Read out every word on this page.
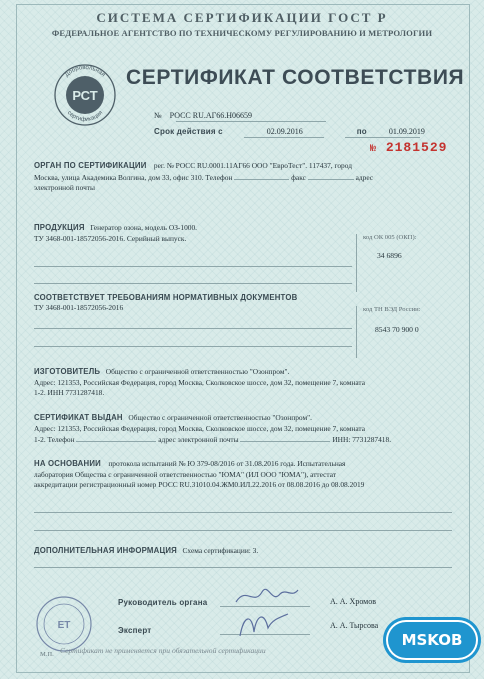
СИСТЕМА СЕРТИФИКАЦИИ ГОСТ Р
ФЕДЕРАЛЬНОЕ АГЕНТСТВО ПО ТЕХНИЧЕСКОМУ РЕГУЛИРОВАНИЮ И МЕТРОЛОГИИ
Добровольная
сертификация
РСТ
СЕРТИФИКАТ СООТВЕТСТВИЯ
№ РОСС RU.АГ66.Н06659
Срок действия с	02.09.2016	по	01.09.2019
№ 2181529
ОРГАН ПО СЕРТИФИКАЦИИ рег. № РОСС RU.0001.11АГ66 ООО "ЕвроТест". 117437, город
Москва, улица Академика Волгина, дом 33, офис 310. Телефон	факс	адрес
электронной почты
ПРОДУКЦИЯ Генератор озона, модель ОЗ-1000.
ТУ 3468-001-18572056-2016. Серийный выпуск.	код ОК 005 (ОКП):
34 6896
СООТВЕТСТВУЕТ ТРЕБОВАНИЯМ НОРМАТИВНЫХ ДОКУМЕНТОВ
ТУ 3468-001-18572056-2016	код ТН ВЭД России:
8543 70 900 0
ИЗГОТОВИТЕЛЬ Общество с ограниченной ответственностью "Озонпром".
Адрес: 121353, Российская Федерация, город Москва, Сколковское шоссе, дом 32, помещение 7, комната
1-2. ИНН 7731287418.
СЕРТИФИКАТ ВЫДАН Общество с ограниченной ответственностью "Озонпром".
Адрес: 121353, Российская Федерация, город Москва, Сколковское шоссе, дом 32, помещение 7, комната
1-2. Телефон	адрес электронной почты	ИНН: 7731287418.
НА ОСНОВАНИИ протокола испытаний № Ю 379-08/2016 от 31.08.2016 года. Испытательная
лаборатория Общества с ограниченной ответственностью "ЮМА" (ИЛ ООО "ЮМА"), аттестат
аккредитации регистрационный номер РОСС RU.31010.04.ЖМ0.ИЛ.22.2016 от 08.08.2016 до 08.08.2019
ДОПОЛНИТЕЛЬНАЯ ИНФОРМАЦИЯ Схема сертификации: 3.
ЕТ
М.П.
Руководитель органа	А. А. Хромов
Эксперт
А. А. Тырсова
Сертификат не применяется при обязательной сертификации
MSKOB
